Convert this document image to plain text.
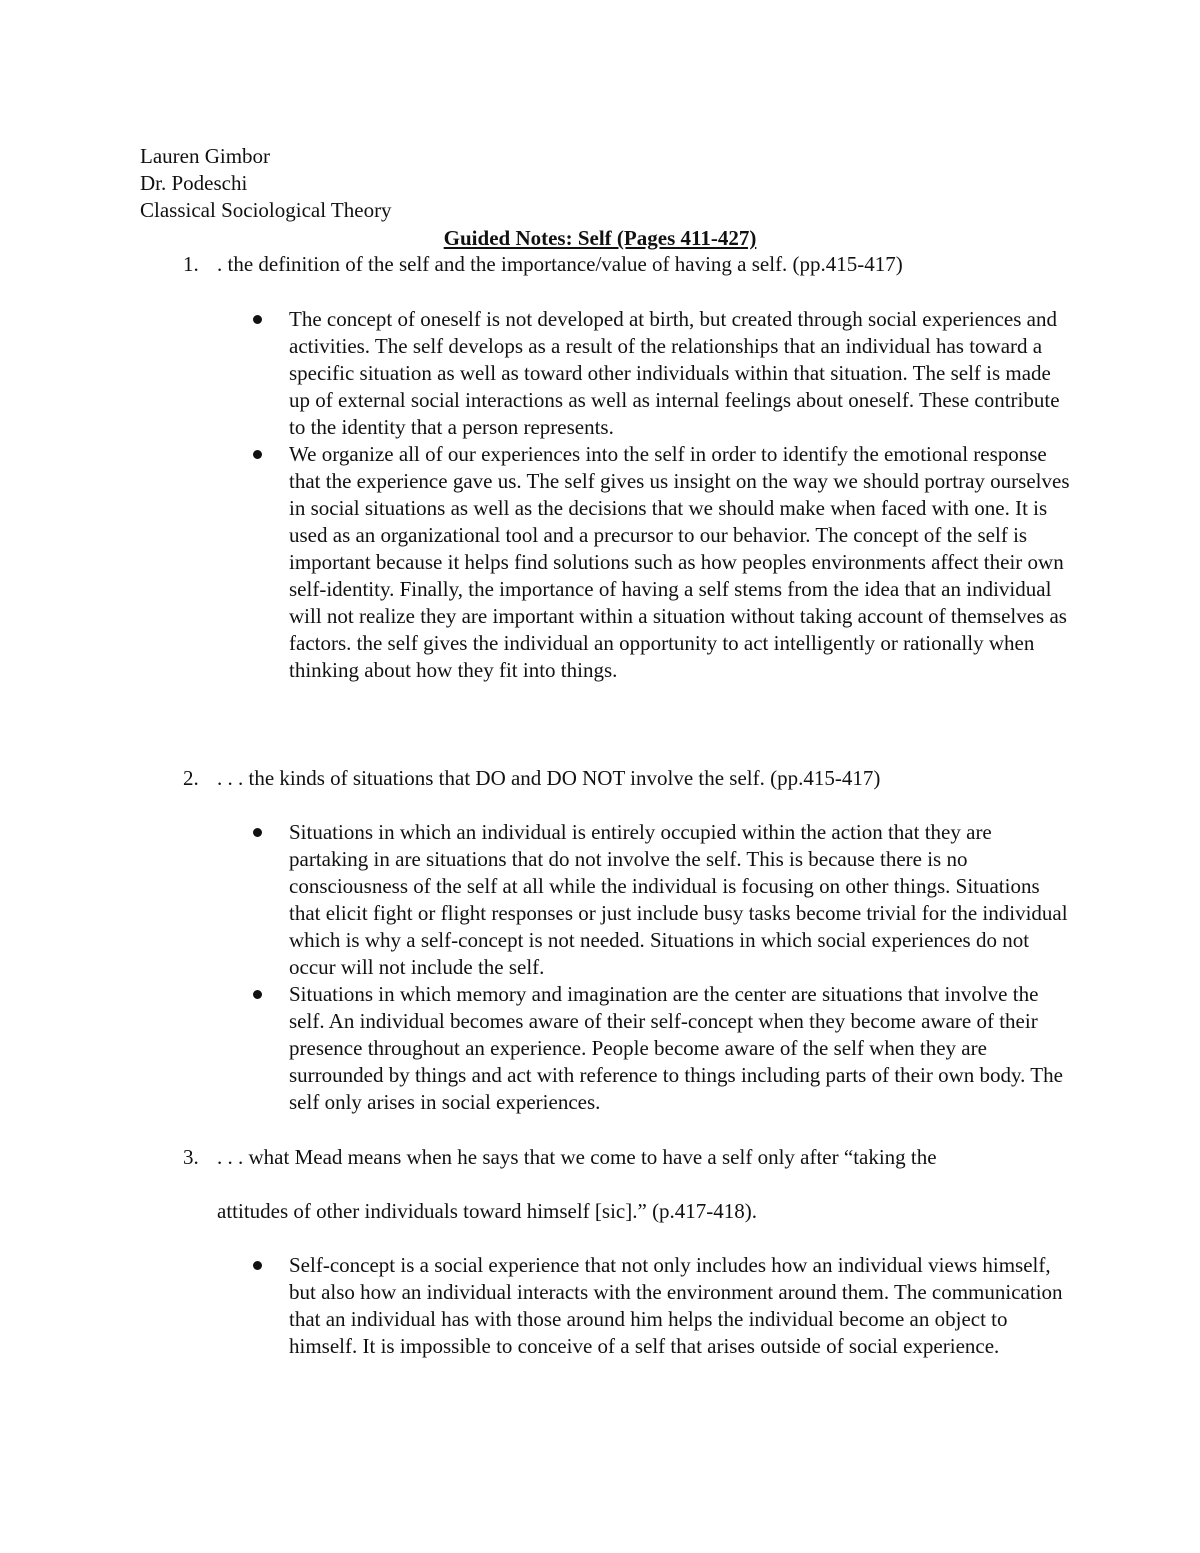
Lauren Gimbor
Dr. Podeschi
Classical Sociological Theory
Guided Notes: Self (Pages 411-427)
1. . the definition of the self and the importance/value of having a self. (pp.415-417)
The concept of oneself is not developed at birth, but created through social experiences and activities. The self develops as a result of the relationships that an individual has toward a specific situation as well as toward other individuals within that situation. The self is made up of external social interactions as well as internal feelings about oneself. These contribute to the identity that a person represents.
We organize all of our experiences into the self in order to identify the emotional response that the experience gave us. The self gives us insight on the way we should portray ourselves in social situations as well as the decisions that we should make when faced with one. It is used as an organizational tool and a precursor to our behavior. The concept of the self is important because it helps find solutions such as how peoples environments affect their own self-identity. Finally, the importance of having a self stems from the idea that an individual will not realize they are important within a situation without taking account of themselves as factors. the self gives the individual an opportunity to act intelligently or rationally when thinking about how they fit into things.
2. . . . the kinds of situations that DO and DO NOT involve the self. (pp.415-417)
Situations in which an individual is entirely occupied within the action that they are partaking in are situations that do not involve the self. This is because there is no consciousness of the self at all while the individual is focusing on other things. Situations that elicit fight or flight responses or just include busy tasks become trivial for the individual which is why a self-concept is not needed. Situations in which social experiences do not occur will not include the self.
Situations in which memory and imagination are the center are situations that involve the self. An individual becomes aware of their self-concept when they become aware of their presence throughout an experience. People become aware of the self when they are surrounded by things and act with reference to things including parts of their own body. The self only arises in social experiences.
3. . . . what Mead means when he says that we come to have a self only after “taking the
attitudes of other individuals toward himself [sic].” (p.417-418).
Self-concept is a social experience that not only includes how an individual views himself, but also how an individual interacts with the environment around them. The communication that an individual has with those around him helps the individual become an object to himself. It is impossible to conceive of a self that arises outside of social experience.
